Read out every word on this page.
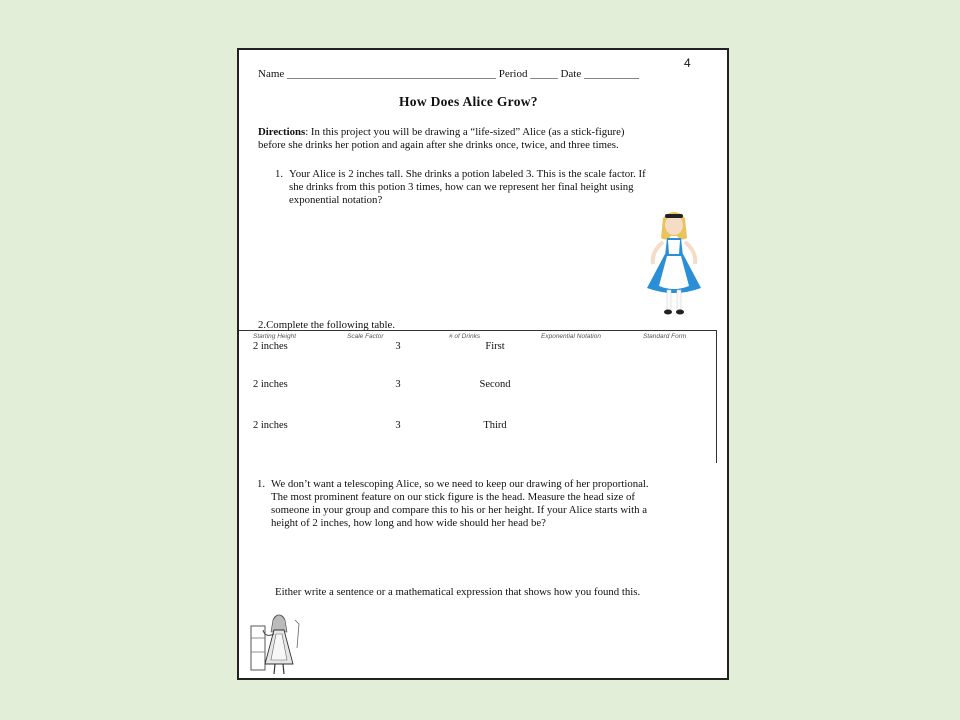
4
Name ______________________________________ Period _____ Date __________
How Does Alice Grow?
Directions: In this project you will be drawing a “life-sized” Alice (as a stick-figure)
before she drinks her potion and again after she drinks once, twice, and three times.
1. Your Alice is 2 inches tall. She drinks a potion labeled 3. This is the scale factor. If
she drinks from this potion 3 times, how can we represent her final height using
exponential notation?
2.Complete the following table.
Starting Height	Scale Factor	# of Drinks	Exponential Notation	Standard Form
2 inches	3	First		
2 inches	3	Second		
2 inches	3	Third		
1. We don’t want a telescoping Alice, so we need to keep our drawing of her proportional.
The most prominent feature on our stick figure is the head. Measure the head size of
someone in your group and compare this to his or her height. If your Alice starts with a
height of 2 inches, how long and how wide should her head be?
Either write a sentence or a mathematical expression that shows how you found this.
